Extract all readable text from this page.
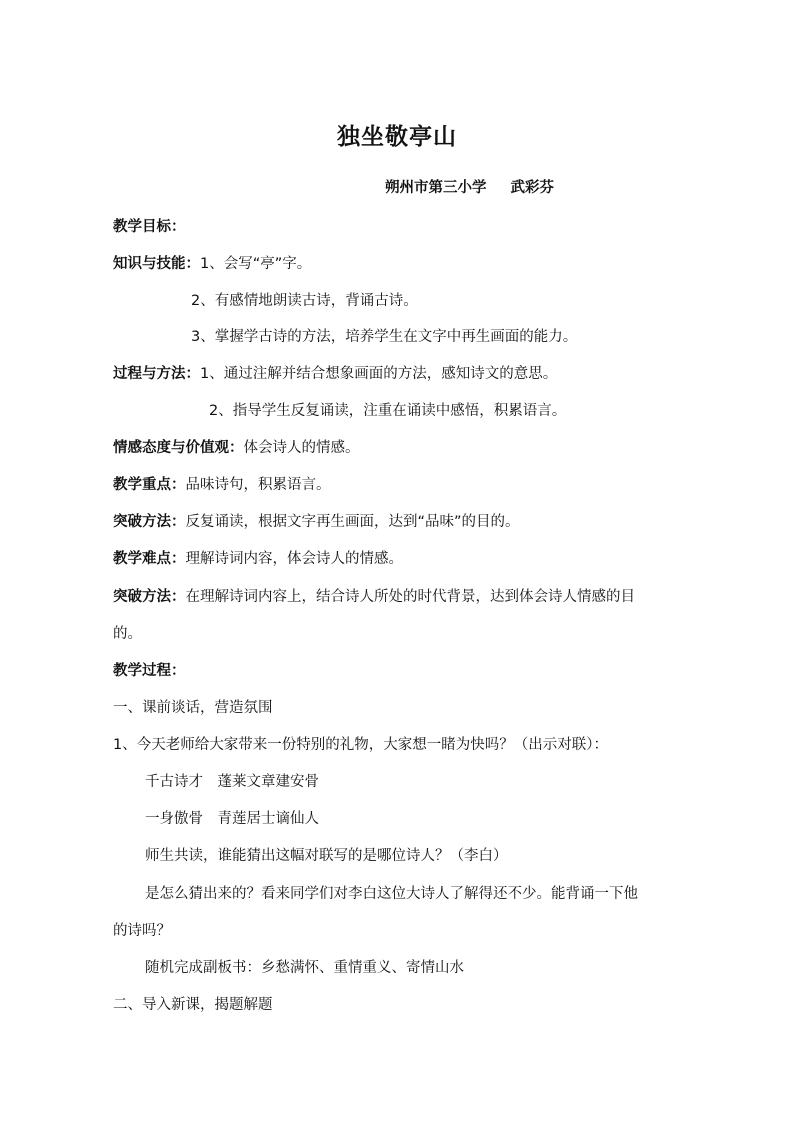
独坐敬亭山
朔州市第三小学 武彩芬
教学目标：
知识与技能：1、会写“亭”字。
2、有感情地朗读古诗，背诵古诗。
3、掌握学古诗的方法，培养学生在文字中再生画面的能力。
过程与方法：1、通过注解并结合想象画面的方法，感知诗文的意思。
2、指导学生反复诵读，注重在诵读中感悟，积累语言。
情感态度与价值观：体会诗人的情感。
教学重点：品味诗句，积累语言。
突破方法：反复诵读，根据文字再生画面，达到“品味”的目的。
教学难点：理解诗词内容，体会诗人的情感。
突破方法：在理解诗词内容上，结合诗人所处的时代背景，达到体会诗人情感的目
的。
教学过程：
一、课前谈话，营造氛围
1、今天老师给大家带来一份特别的礼物，大家想一睹为快吗？（出示对联）：
千古诗才　蓬莱文章建安骨
一身傲骨　青莲居士谪仙人
师生共读，谁能猜出这幅对联写的是哪位诗人？（李白）
是怎么猜出来的？看来同学们对李白这位大诗人了解得还不少。能背诵一下他
的诗吗？
随机完成副板书：乡愁满怀、重情重义、寄情山水
二、导入新课，揭题解题
